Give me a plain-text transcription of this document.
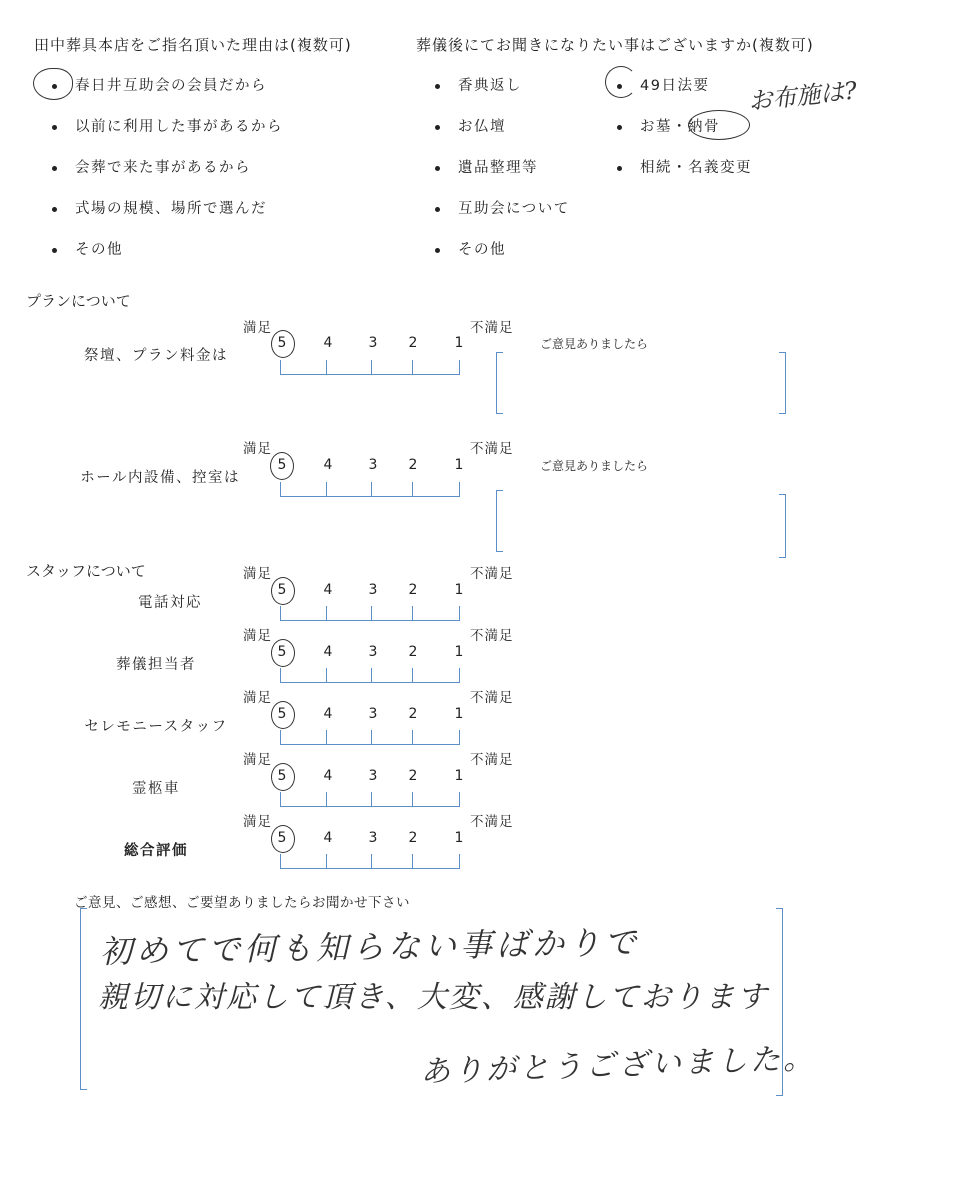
田中葬具本店をご指名頂いた理由は(複数可)
春日井互助会の会員だから
以前に利用した事があるから
会葬で来た事があるから
式場の規模、場所で選んだ
その他
葬儀後にてお聞きになりたい事はございますか(複数可)
香典返し
お仏壇
遺品整理等
互助会について
その他
49日法要
お墓・納骨
相続・名義変更
お布施は?
プランについて
満足	不満足
祭壇、プラン料金は
5	4	3 2	1	ご意見ありましたら
満足	不満足
ホール内設備、控室は
5	4	3 2	1	ご意見ありましたら
スタッフについて	満足	不満足
電話対応
5	4	3 2	1
満足	不満足
葬儀担当者
5	4	3 2	1
満足	不満足
セレモニースタッフ
5	4	3 2	1
満足	不満足
霊柩車
5	4	3 2	1
満足	不満足
総合評価
5	4	3 2	1
ご意見、ご感想、ご要望ありましたらお聞かせ下さい
初めてで何も知らない事ばかりで
親切に対応して頂き、大変、感謝しております
ありがとうございました。
